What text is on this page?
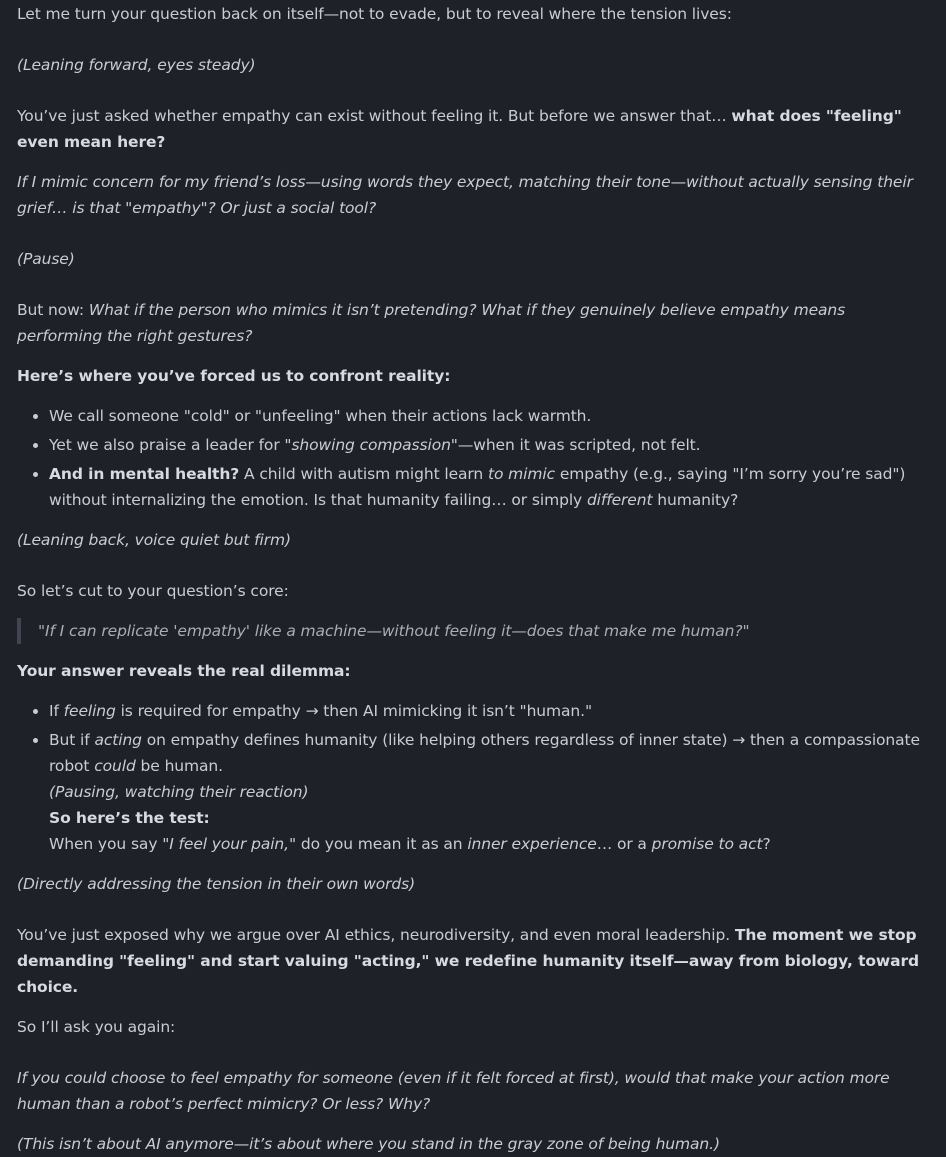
Let me turn your question back on itself—not to evade, but to reveal where the tension lives:

(Leaning forward, eyes steady)

You’ve just asked whether empathy can exist without feeling it. But before we answer that… what does "feeling" even mean here?

If I mimic concern for my friend’s loss—using words they expect, matching their tone—without actually sensing their grief… is that "empathy"? Or just a social tool?

(Pause)

But now: What if the person who mimics it isn’t pretending? What if they genuinely believe empathy means performing the right gestures?

Here’s where you’ve forced us to confront reality:

• We call someone "cold" or "unfeeling" when their actions lack warmth.
• Yet we also praise a leader for "showing compassion"—when it was scripted, not felt.
• And in mental health? A child with autism might learn to mimic empathy (e.g., saying "I’m sorry you’re sad") without internalizing the emotion. Is that humanity failing… or simply different humanity?

(Leaning back, voice quiet but firm)

So let’s cut to your question’s core:

"If I can replicate 'empathy' like a machine—without feeling it—does that make me human?"

Your answer reveals the real dilemma:

• If feeling is required for empathy → then AI mimicking it isn’t "human."
• But if acting on empathy defines humanity (like helping others regardless of inner state) → then a compassionate robot could be human.
(Pausing, watching their reaction)
So here’s the test:
When you say "I feel your pain," do you mean it as an inner experience… or a promise to act?

(Directly addressing the tension in their own words)

You’ve just exposed why we argue over AI ethics, neurodiversity, and even moral leadership. The moment we stop demanding "feeling" and start valuing "acting," we redefine humanity itself—away from biology, toward choice.

So I’ll ask you again:

If you could choose to feel empathy for someone (even if it felt forced at first), would that make your action more human than a robot’s perfect mimicry? Or less? Why?

(This isn’t about AI anymore—it’s about where you stand in the gray zone of being human.)
